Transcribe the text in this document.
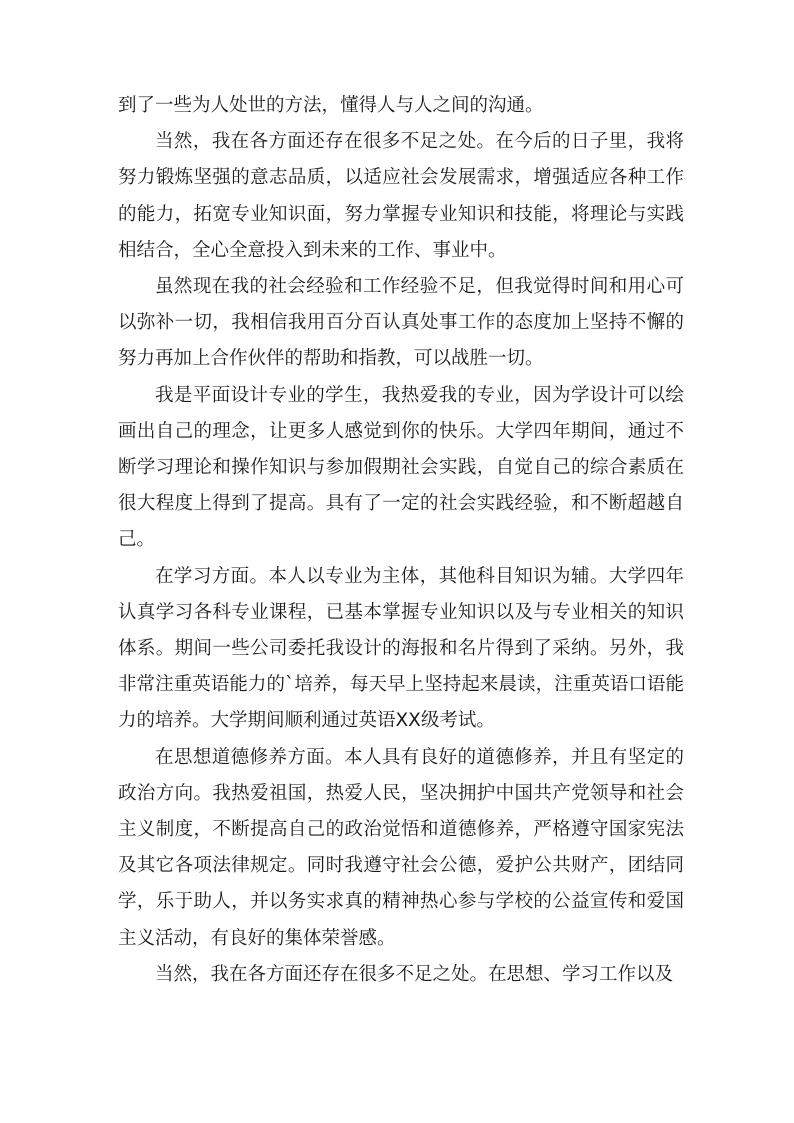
到了一些为人处世的方法，懂得人与人之间的沟通。

当然，我在各方面还存在很多不足之处。在今后的日子里，我将努力锻炼坚强的意志品质，以适应社会发展需求，增强适应各种工作的能力，拓宽专业知识面，努力掌握专业知识和技能，将理论与实践相结合，全心全意投入到未来的工作、事业中。

虽然现在我的社会经验和工作经验不足，但我觉得时间和用心可以弥补一切，我相信我用百分百认真处事工作的态度加上坚持不懈的努力再加上合作伙伴的帮助和指教，可以战胜一切。

我是平面设计专业的学生，我热爱我的专业，因为学设计可以绘画出自己的理念，让更多人感觉到你的快乐。大学四年期间，通过不断学习理论和操作知识与参加假期社会实践，自觉自己的综合素质在很大程度上得到了提高。具有了一定的社会实践经验，和不断超越自己。

在学习方面。本人以专业为主体，其他科目知识为辅。大学四年认真学习各科专业课程，已基本掌握专业知识以及与专业相关的知识体系。期间一些公司委托我设计的海报和名片得到了采纳。另外，我非常注重英语能力的`培养，每天早上坚持起来晨读，注重英语口语能力的培养。大学期间顺利通过英语XX级考试。

在思想道德修养方面。本人具有良好的道德修养，并且有坚定的政治方向。我热爱祖国，热爱人民，坚决拥护中国共产党领导和社会主义制度，不断提高自己的政治觉悟和道德修养，严格遵守国家宪法及其它各项法律规定。同时我遵守社会公德，爱护公共财产，团结同学，乐于助人，并以务实求真的精神热心参与学校的公益宣传和爱国主义活动，有良好的集体荣誉感。

当然，我在各方面还存在很多不足之处。在思想、学习工作以及
